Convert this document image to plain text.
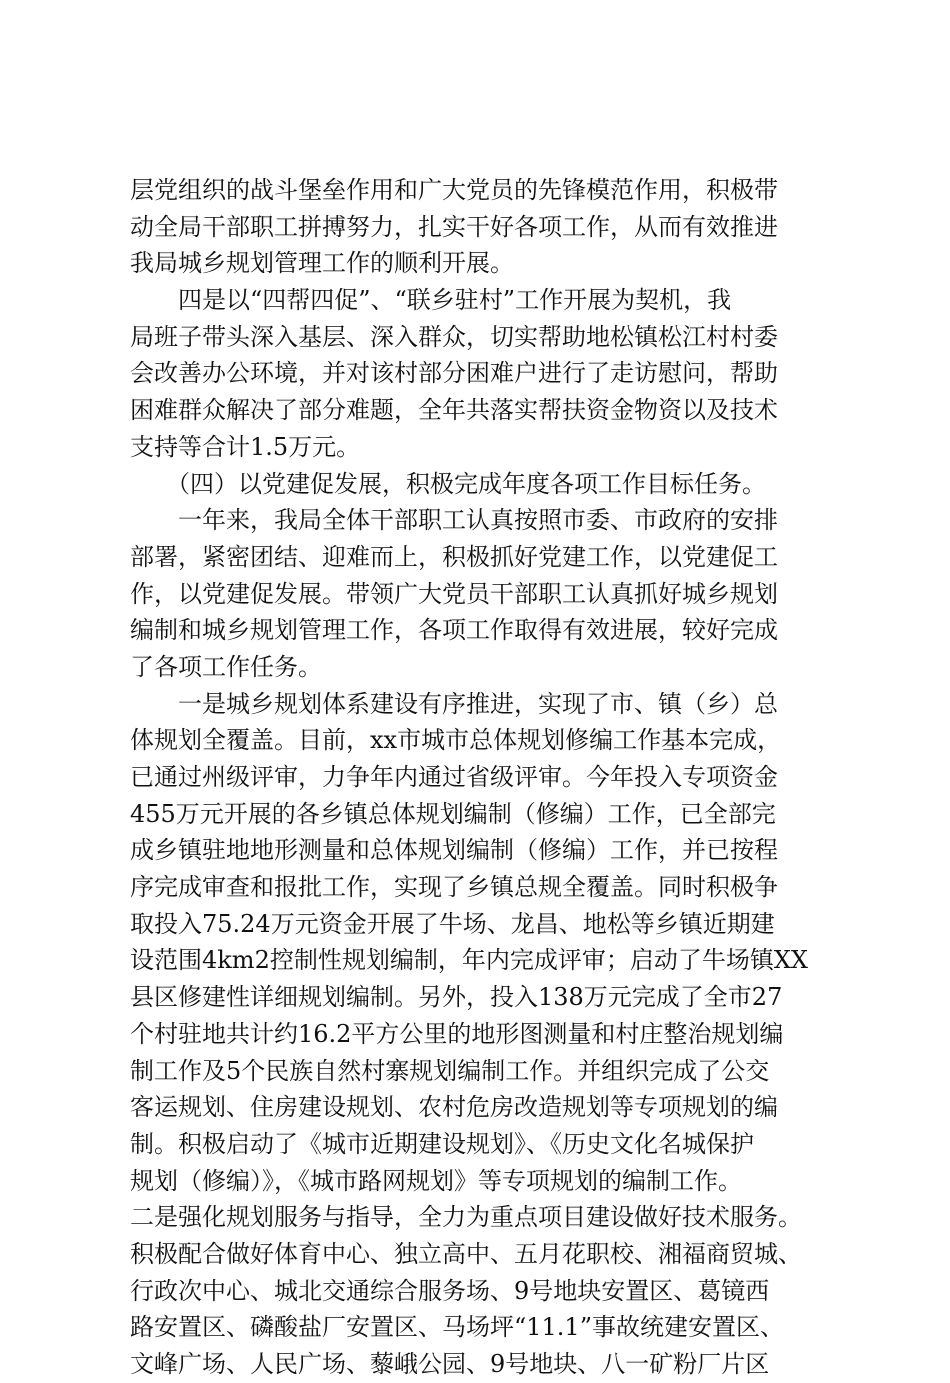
层党组织的战斗堡垒作用和广大党员的先锋模范作用，积极带
动全局干部职工拼搏努力，扎实干好各项工作，从而有效推进
我局城乡规划管理工作的顺利开展。
　　四是以“四帮四促”、“联乡驻村”工作开展为契机，我
局班子带头深入基层、深入群众，切实帮助地松镇松江村村委
会改善办公环境，并对该村部分困难户进行了走访慰问，帮助
困难群众解决了部分难题，全年共落实帮扶资金物资以及技术
支持等合计1.5万元。
　　（四）以党建促发展，积极完成年度各项工作目标任务。
　　一年来，我局全体干部职工认真按照市委、市政府的安排
部署，紧密团结、迎难而上，积极抓好党建工作，以党建促工
作，以党建促发展。带领广大党员干部职工认真抓好城乡规划
编制和城乡规划管理工作，各项工作取得有效进展，较好完成
了各项工作任务。
　　一是城乡规划体系建设有序推进，实现了市、镇（乡）总
体规划全覆盖。目前，xx市城市总体规划修编工作基本完成，
已通过州级评审，力争年内通过省级评审。今年投入专项资金
455万元开展的各乡镇总体规划编制（修编）工作，已全部完
成乡镇驻地地形测量和总体规划编制（修编）工作，并已按程
序完成审查和报批工作，实现了乡镇总规全覆盖。同时积极争
取投入75.24万元资金开展了牛场、龙昌、地松等乡镇近期建
设范围4km2控制性规划编制，年内完成评审；启动了牛场镇XX
县区修建性详细规划编制。另外，投入138万元完成了全市27
个村驻地共计约16.2平方公里的地形图测量和村庄整治规划编
制工作及5个民族自然村寨规划编制工作。并组织完成了公交
客运规划、住房建设规划、农村危房改造规划等专项规划的编
制。积极启动了《城市近期建设规划》、《历史文化名城保护
规划（修编）》，《城市路网规划》等专项规划的编制工作。
二是强化规划服务与指导，全力为重点项目建设做好技术服务。
积极配合做好体育中心、独立高中、五月花职校、湘福商贸城、
行政次中心、城北交通综合服务场、9号地块安置区、葛镜西
路安置区、磷酸盐厂安置区、马场坪“11.1”事故统建安置区、
文峰广场、人民广场、藜峨公园、9号地块、八一矿粉厂片区
